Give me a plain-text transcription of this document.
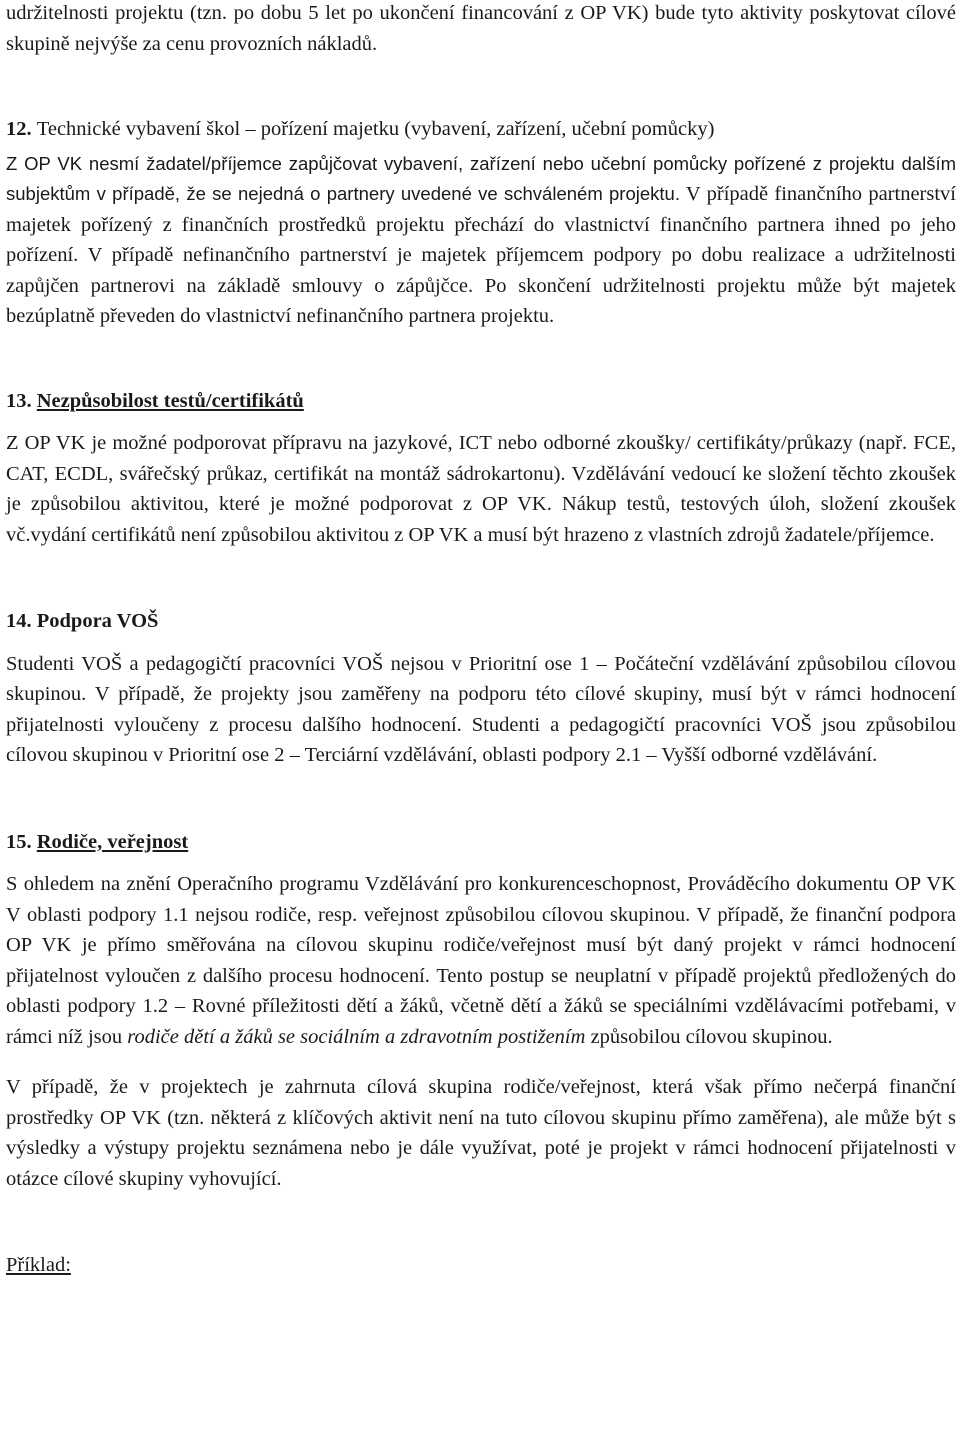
udržitelnosti projektu (tzn. po dobu 5 let po ukončení financování z OP VK) bude tyto aktivity poskytovat cílové skupině nejvýše za cenu provozních nákladů.

12. Technické vybavení škol – pořízení majetku (vybavení, zařízení, učební pomůcky)

Z OP VK nesmí žadatel/příjemce zapůjčovat vybavení, zařízení nebo učební pomůcky pořízené z projektu dalším subjektům v případě, že se nejedná o partnery uvedené ve schváleném projektu. V případě finančního partnerství majetek pořízený z finančních prostředků projektu přechází do vlastnictví finančního partnera ihned po jeho pořízení. V případě nefinančního partnerství je majetek příjemcem podpory po dobu realizace a udržitelnosti zapůjčen partnerovi na základě smlouvy o zápůjčce. Po skončení udržitelnosti projektu může být majetek bezúplatně převeden do vlastnictví nefinančního partnera projektu.

13. Nezpůsobilost testů/certifikátů

Z OP VK je možné podporovat přípravu na jazykové, ICT nebo odborné zkoušky/ certifikáty/průkazy (např. FCE, CAT, ECDL, svářečský průkaz, certifikát na montáž sádrokartonu). Vzdělávání vedoucí ke složení těchto zkoušek je způsobilou aktivitou, které je možné podporovat z OP VK. Nákup testů, testových úloh, složení zkoušek vč.vydání certifikátů není způsobilou aktivitou z OP VK a musí být hrazeno z vlastních zdrojů žadatele/příjemce.

14. Podpora VOŠ

Studenti VOŠ a pedagogičtí pracovníci VOŠ nejsou v Prioritní ose 1 – Počáteční vzdělávání způsobilou cílovou skupinou. V případě, že projekty jsou zaměřeny na podporu této cílové skupiny, musí být v rámci hodnocení přijatelnosti vyloučeny z procesu dalšího hodnocení. Studenti a pedagogičtí pracovníci VOŠ jsou způsobilou cílovou skupinou v Prioritní ose 2 – Terciární vzdělávání, oblasti podpory 2.1 – Vyšší odborné vzdělávání.

15. Rodiče, veřejnost

S ohledem na znění Operačního programu Vzdělávání pro konkurenceschopnost, Prováděcího dokumentu OP VK V oblasti podpory 1.1 nejsou rodiče, resp. veřejnost způsobilou cílovou skupinou. V případě, že finanční podpora OP VK je přímo směřována na cílovou skupinu rodiče/veřejnost musí být daný projekt v rámci hodnocení přijatelnost vyloučen z dalšího procesu hodnocení. Tento postup se neuplatní v případě projektů předložených do oblasti podpory 1.2 – Rovné příležitosti dětí a žáků, včetně dětí a žáků se speciálními vzdělávacími potřebami, v rámci níž jsou rodiče dětí a žáků se sociálním a zdravotním postižením způsobilou cílovou skupinou.

V případě, že v projektech je zahrnuta cílová skupina rodiče/veřejnost, která však přímo nečerpá finanční prostředky OP VK (tzn. některá z klíčových aktivit není na tuto cílovou skupinu přímo zaměřena), ale může být s výsledky a výstupy projektu seznámena nebo je dále využívat, poté je projekt v rámci hodnocení přijatelnosti v otázce cílové skupiny vyhovující.

Příklad:
